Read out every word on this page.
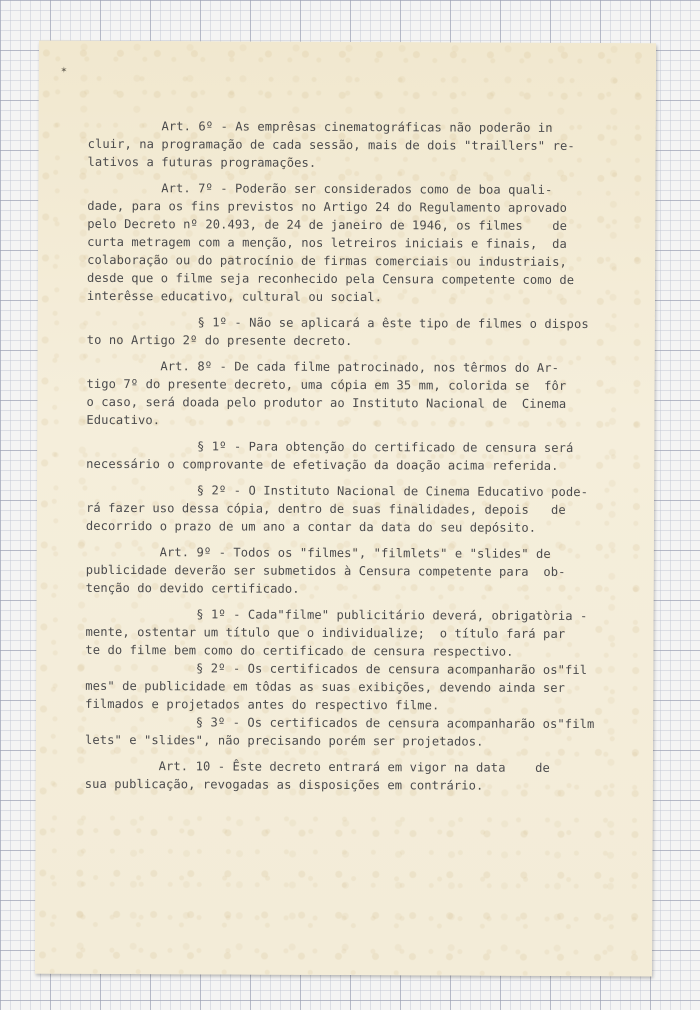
✶
Art. 6º - As emprêsas cinematográficas não poderão in
cluir, na programação de cada sessão, mais de dois "traillers" re-
lativos a futuras programações.
Art. 7º - Poderão ser considerados como de boa quali-
dade, para os fins previstos no Artigo 24 do Regulamento aprovado
pelo Decreto nº 20.493, de 24 de janeiro de 1946, os filmes    de
curta metragem com a menção, nos letreiros iniciais e finais,  da
colaboração ou do patrocínio de firmas comerciais ou industriais,
desde que o filme seja reconhecido pela Censura competente como de
interêsse educativo, cultural ou social.
§ 1º - Não se aplicará a êste tipo de filmes o dispos
to no Artigo 2º do presente decreto.
Art. 8º - De cada filme patrocinado, nos têrmos do Ar-
tigo 7º do presente decreto, uma cópia em 35 mm, colorida se  fôr
o caso, será doada pelo produtor ao Instituto Nacional de  Cinema
Educativo.
§ 1º - Para obtenção do certificado de censura será
necessário o comprovante de efetivação da doação acima referida.
§ 2º - O Instituto Nacional de Cinema Educativo pode-
rá fazer uso dessa cópia, dentro de suas finalidades, depois   de
decorrido o prazo de um ano a contar da data do seu depósito.
Art. 9º - Todos os "filmes", "filmlets" e "slides" de
publicidade deverão ser submetidos à Censura competente para  ob-
tenção do devido certificado.
§ 1º - Cada"filme" publicitário deverá, obrigatòria -
mente, ostentar um título que o individualize;  o título fará par
te do filme bem como do certificado de censura respectivo.
§ 2º - Os certificados de censura acompanharão os"fil
mes" de publicidade em tôdas as suas exibições, devendo ainda ser
filmados e projetados antes do respectivo filme.
§ 3º - Os certificados de censura acompanharão os"film
lets" e "slides", não precisando porém ser projetados.
Art. 10 - Êste decreto entrará em vigor na data    de
sua publicação, revogadas as disposições em contrário.
